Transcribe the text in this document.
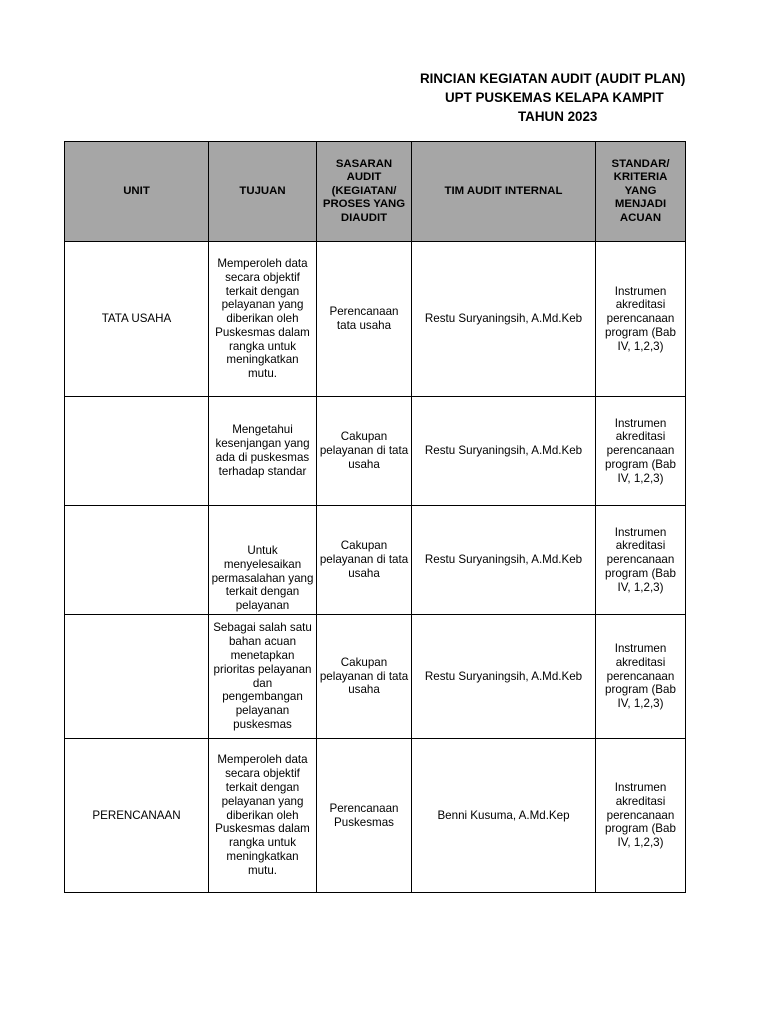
RINCIAN KEGIATAN AUDIT (AUDIT PLAN)
UPT PUSKEMAS KELAPA KAMPIT
TAHUN 2023
UNIT	TUJUAN	SASARAN AUDIT (KEGIATAN/ PROSES YANG DIAUDIT	TIM AUDIT INTERNAL	STANDAR/ KRITERIA YANG MENJADI ACUAN
TATA USAHA	Memperoleh data secara objektif terkait dengan pelayanan yang diberikan oleh Puskesmas dalam rangka untuk meningkatkan mutu.	Perencanaan tata usaha	Restu Suryaningsih, A.Md.Keb	Instrumen akreditasi perencanaan program (Bab IV, 1,2,3)
	Mengetahui kesenjangan yang ada di puskesmas terhadap standar	Cakupan pelayanan di tata usaha	Restu Suryaningsih, A.Md.Keb	Instrumen akreditasi perencanaan program (Bab IV, 1,2,3)
	Untuk menyelesaikan permasalahan yang terkait dengan pelayanan	Cakupan pelayanan di tata usaha	Restu Suryaningsih, A.Md.Keb	Instrumen akreditasi perencanaan program (Bab IV, 1,2,3)
	Sebagai salah satu bahan acuan menetapkan prioritas pelayanan dan pengembangan pelayanan puskesmas	Cakupan pelayanan di tata usaha	Restu Suryaningsih, A.Md.Keb	Instrumen akreditasi perencanaan program (Bab IV, 1,2,3)
PERENCANAAN	Memperoleh data secara objektif terkait dengan pelayanan yang diberikan oleh Puskesmas dalam rangka untuk meningkatkan mutu.	Perencanaan Puskesmas	Benni Kusuma, A.Md.Kep	Instrumen akreditasi perencanaan program (Bab IV, 1,2,3)
